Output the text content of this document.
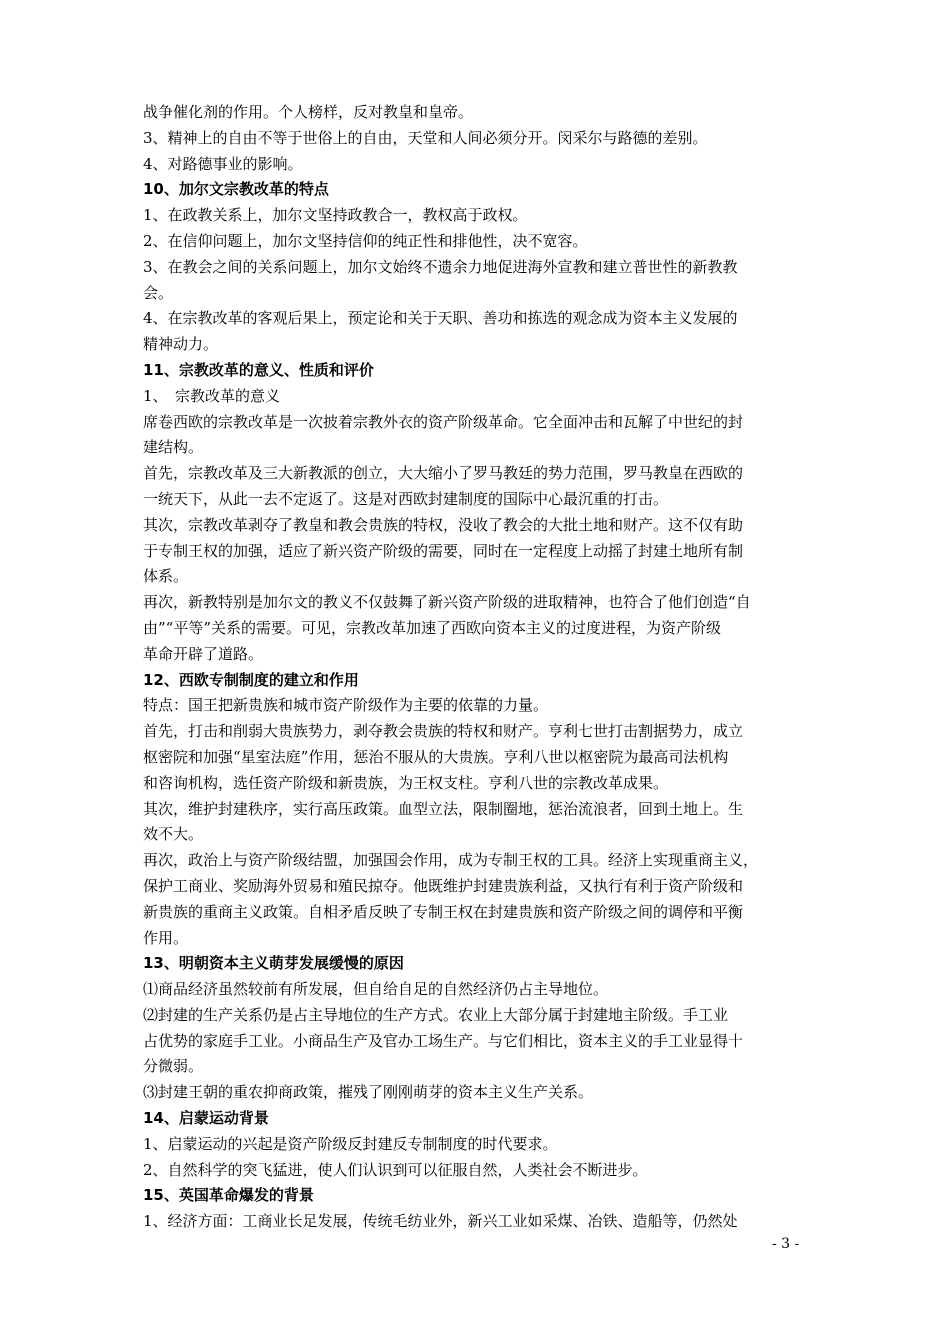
战争催化剂的作用。个人榜样，反对教皇和皇帝。
3、精神上的自由不等于世俗上的自由，天堂和人间必须分开。闵采尔与路德的差别。
4、对路德事业的影响。
10、加尔文宗教改革的特点
1、在政教关系上，加尔文坚持政教合一，教权高于政权。
2、在信仰问题上，加尔文坚持信仰的纯正性和排他性，决不宽容。
3、在教会之间的关系问题上，加尔文始终不遗余力地促进海外宣教和建立普世性的新教教
会。
4、在宗教改革的客观后果上，预定论和关于天职、善功和拣选的观念成为资本主义发展的
精神动力。
11、宗教改革的意义、性质和评价
1、　宗教改革的意义
席卷西欧的宗教改革是一次披着宗教外衣的资产阶级革命。它全面冲击和瓦解了中世纪的封
建结构。
首先，宗教改革及三大新教派的创立，大大缩小了罗马教廷的势力范围，罗马教皇在西欧的
一统天下，从此一去不定返了。这是对西欧封建制度的国际中心最沉重的打击。
其次，宗教改革剥夺了教皇和教会贵族的特权，没收了教会的大批土地和财产。这不仅有助
于专制王权的加强，适应了新兴资产阶级的需要，同时在一定程度上动摇了封建土地所有制
体系。
再次，新教特别是加尔文的教义不仅鼓舞了新兴资产阶级的进取精神，也符合了他们创造“自
由”“平等”关系的需要。可见，宗教改革加速了西欧向资本主义的过度进程，为资产阶级
革命开辟了道路。
12、西欧专制制度的建立和作用
特点：国王把新贵族和城市资产阶级作为主要的依靠的力量。
首先，打击和削弱大贵族势力，剥夺教会贵族的特权和财产。亨利七世打击割据势力，成立
枢密院和加强“星室法庭”作用，惩治不服从的大贵族。亨利八世以枢密院为最高司法机构
和咨询机构，选任资产阶级和新贵族，为王权支柱。亨利八世的宗教改革成果。
其次，维护封建秩序，实行高压政策。血型立法，限制圈地，惩治流浪者，回到土地上。生
效不大。
再次，政治上与资产阶级结盟，加强国会作用，成为专制王权的工具。经济上实现重商主义，
保护工商业、奖励海外贸易和殖民掠夺。他既维护封建贵族利益，又执行有利于资产阶级和
新贵族的重商主义政策。自相矛盾反映了专制王权在封建贵族和资产阶级之间的调停和平衡
作用。
13、明朝资本主义萌芽发展缓慢的原因
⑴商品经济虽然较前有所发展，但自给自足的自然经济仍占主导地位。
⑵封建的生产关系仍是占主导地位的生产方式。农业上大部分属于封建地主阶级。手工业
占优势的家庭手工业。小商品生产及官办工场生产。与它们相比，资本主义的手工业显得十
分微弱。
⑶封建王朝的重农抑商政策，摧残了刚刚萌芽的资本主义生产关系。
14、启蒙运动背景
1、启蒙运动的兴起是资产阶级反封建反专制制度的时代要求。
2、自然科学的突飞猛进，使人们认识到可以征服自然，人类社会不断进步。
15、英国革命爆发的背景
1、经济方面：工商业长足发展，传统毛纺业外，新兴工业如采煤、冶铁、造船等，仍然处
- 3 -
